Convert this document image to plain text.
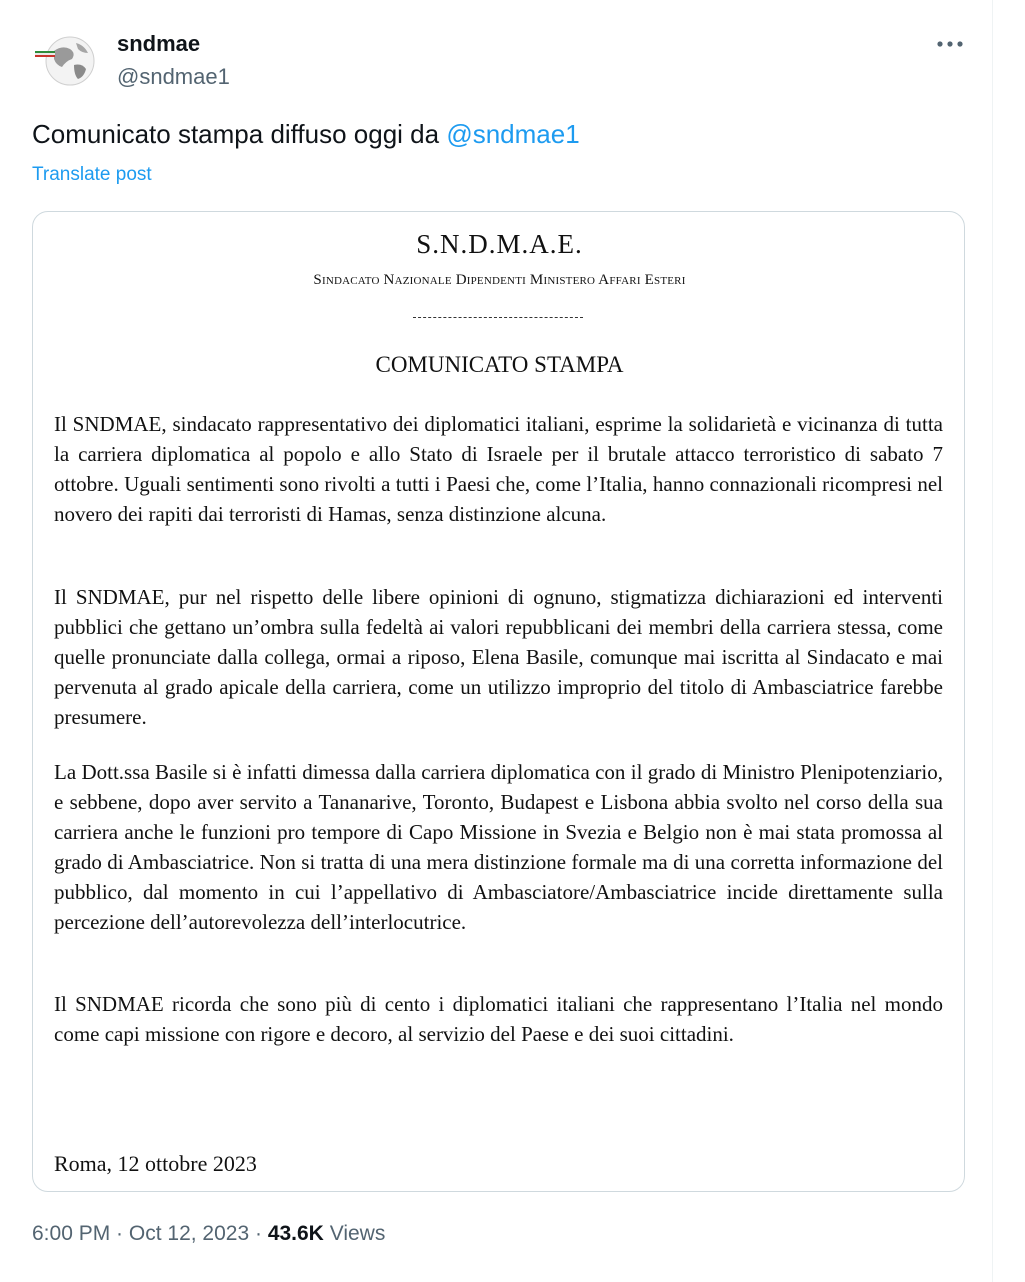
sndmae
@sndmae1
Comunicato stampa diffuso oggi da @sndmae1
Translate post
S.N.D.M.A.E.
Sindacato Nazionale Dipendenti Ministero Affari Esteri
COMUNICATO STAMPA

Il SNDMAE, sindacato rappresentativo dei diplomatici italiani, esprime la solidarietà e vicinanza di tutta la carriera diplomatica al popolo e allo Stato di Israele per il brutale attacco terroristico di sabato 7 ottobre. Uguali sentimenti sono rivolti a tutti i Paesi che, come l’Italia, hanno connazionali ricompresi nel novero dei rapiti dai terroristi di Hamas, senza distinzione alcuna.

Il SNDMAE, pur nel rispetto delle libere opinioni di ognuno, stigmatizza dichiarazioni ed interventi pubblici che gettano un’ombra sulla fedeltà ai valori repubblicani dei membri della carriera stessa, come quelle pronunciate dalla collega, ormai a riposo, Elena Basile, comunque mai iscritta al Sindacato e mai pervenuta al grado apicale della carriera, come un utilizzo improprio del titolo di Ambasciatrice farebbe presumere.

La Dott.ssa Basile si è infatti dimessa dalla carriera diplomatica con il grado di Ministro Plenipotenziario, e sebbene, dopo aver servito a Tananarive, Toronto, Budapest e Lisbona abbia svolto nel corso della sua carriera anche le funzioni pro tempore di Capo Missione in Svezia e Belgio non è mai stata promossa al grado di Ambasciatrice. Non si tratta di una mera distinzione formale ma di una corretta informazione del pubblico, dal momento in cui l’appellativo di Ambasciatore/Ambasciatrice incide direttamente sulla percezione dell’autorevolezza dell’interlocutrice.

Il SNDMAE ricorda che sono più di cento i diplomatici italiani che rappresentano l’Italia nel mondo come capi missione con rigore e decoro, al servizio del Paese e dei suoi cittadini.

Roma, 12 ottobre 2023
6:00 PM · Oct 12, 2023 · 43.6K Views
